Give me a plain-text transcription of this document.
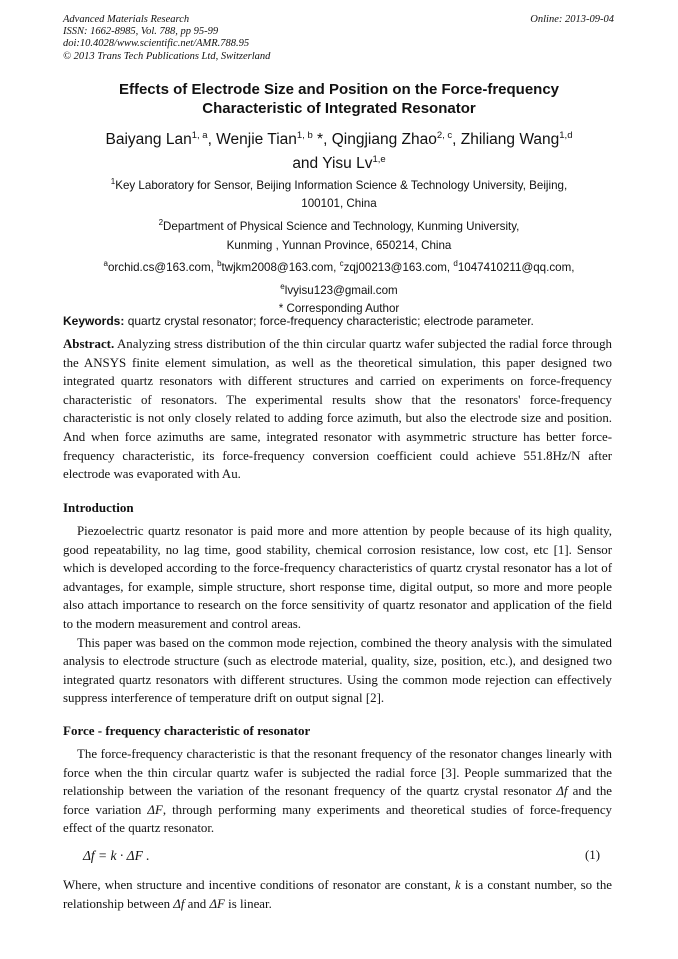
Advanced Materials Research
ISSN: 1662-8985, Vol. 788, pp 95-99
doi:10.4028/www.scientific.net/AMR.788.95
© 2013 Trans Tech Publications Ltd, Switzerland
Online: 2013-09-04
Effects of Electrode Size and Position on the Force-frequency
Characteristic of Integrated Resonator
Baiyang Lan$^{1, a}$, Wenjie Tian$^{1, b}$ *, Qingjiang Zhao$^{2, c}$, Zhiliang Wang$^{1,d}$
and Yisu Lv$^{1,e}$
$^1$Key Laboratory for Sensor, Beijing Information Science & Technology University, Beijing,
100101, China
$^2$Department of Physical Science and Technology, Kunming University,
Kunming , Yunnan Province, 650214, China
$^a$orchid.cs@163.com, $^b$twjkm2008@163.com, $^c$zqj00213@163.com, $^d$1047410211@qq.com,
$^e$lvyisu123@gmail.com
* Corresponding Author
Keywords: quartz crystal resonator; force-frequency characteristic; electrode parameter.
Abstract. Analyzing stress distribution of the thin circular quartz wafer subjected the radial force through the ANSYS finite element simulation, as well as the theoretical simulation, this paper designed two integrated quartz resonators with different structures and carried on experiments on force-frequency characteristic of resonators. The experimental results show that the resonators' force-frequency characteristic is not only closely related to adding force azimuth, but also the electrode size and position. And when force azimuths are same, integrated resonator with asymmetric structure has better force-frequency characteristic, its force-frequency conversion coefficient could achieve 551.8Hz/N after electrode was evaporated with Au.
Introduction

Piezoelectric quartz resonator is paid more and more attention by people because of its high quality, good repeatability, no lag time, good stability, chemical corrosion resistance, low cost, etc [1]. Sensor which is developed according to the force-frequency characteristics of quartz crystal resonator has a lot of advantages, for example, simple structure, short response time, digital output, so more and more people also attach importance to research on the force sensitivity of quartz resonator and application of the field to the modern measurement and control areas.

This paper was based on the common mode rejection, combined the theory analysis with the simulated analysis to electrode structure (such as electrode material, quality, size, position, etc.), and designed two integrated quartz resonators with different structures. Using the common mode rejection can effectively suppress interference of temperature drift on output signal [2].

Force - frequency characteristic of resonator

The force-frequency characteristic is that the resonant frequency of the resonator changes linearly with force when the thin circular quartz wafer is subjected the radial force [3]. People summarized that the relationship between the variation of the resonant frequency of the quartz crystal resonator Δf and the force variation ΔF, through performing many experiments and theoretical studies of force-frequency effect of the quartz resonator.

Δf = k · ΔF .	(1)

Where, when structure and incentive conditions of resonator are constant, k is a constant number, so the relationship between Δf and ΔF is linear.
